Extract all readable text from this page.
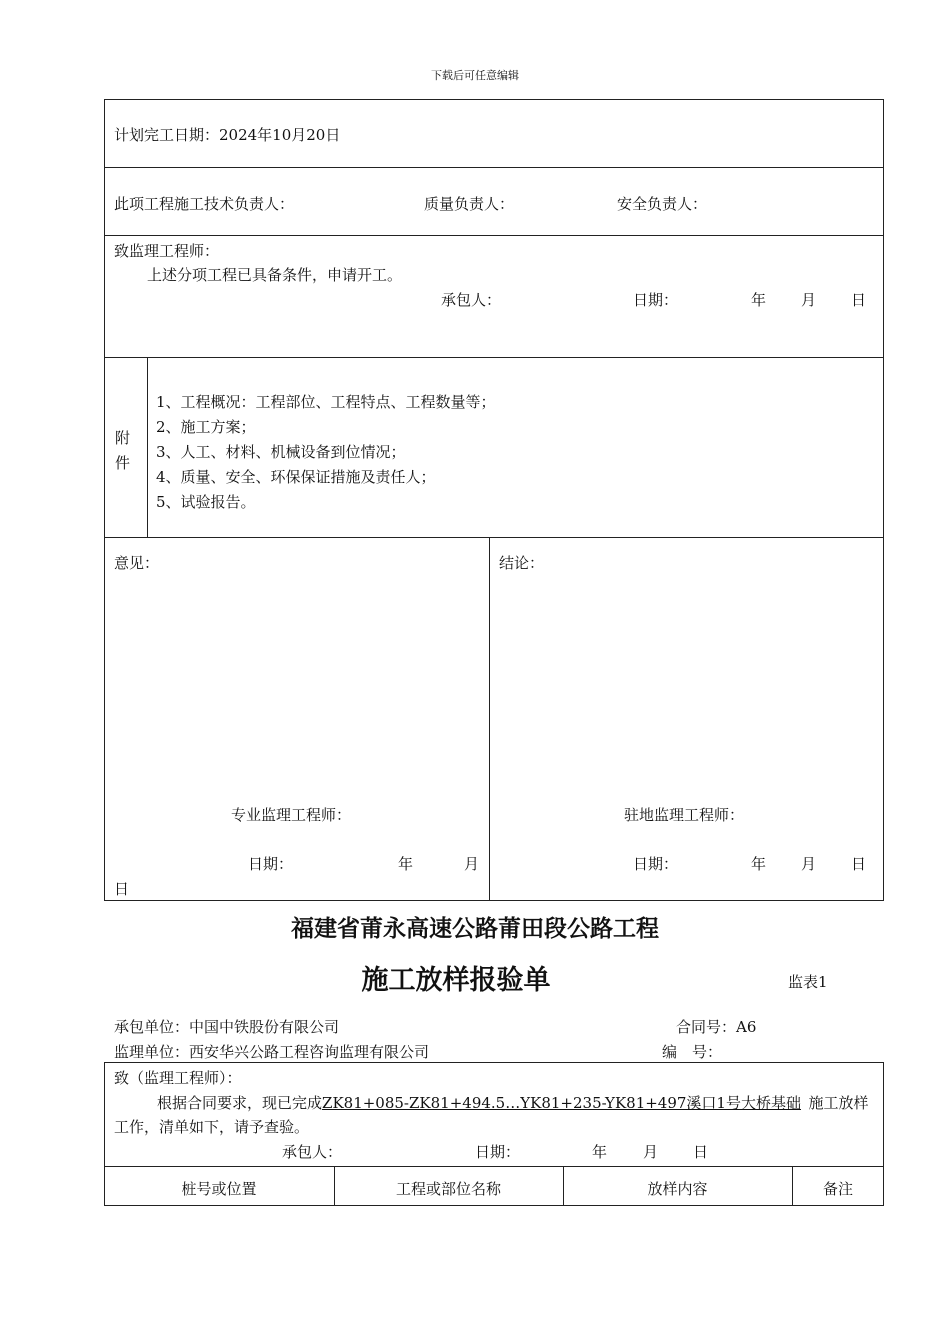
下载后可任意编辑
计划完工日期：2024年10月20日
此项工程施工技术负责人：	质量负责人：	安全负责人：
致监理工程师：
上述分项工程已具备条件，申请开工。
承包人：	日期：	年 月 日
附
件
1、工程概况：工程部位、工程特点、工程数量等；
2、施工方案；
3、人工、材料、机械设备到位情况；
4、质量、安全、环保保证措施及责任人；
5、试验报告。
意见：	结论：
专业监理工程师：	驻地监理工程师：
日期：	年	月
日
日期：	年 月 日
福建省莆永高速公路莆田段公路工程
施工放样报验单	监表1
承包单位：中国中铁股份有限公司	合同号：A6
监理单位：西安华兴公路工程咨询监理有限公司	编　号：
致（监理工程师）：
根据合同要求，现已完成ZK81+085-ZK81+494.5…YK81+235-YK81+497溪口1号大桥基础  施工放样
工作，清单如下，请予查验。
承包人：	日期：	年 月 日
桩号或位置	工程或部位名称	放样内容	备注
